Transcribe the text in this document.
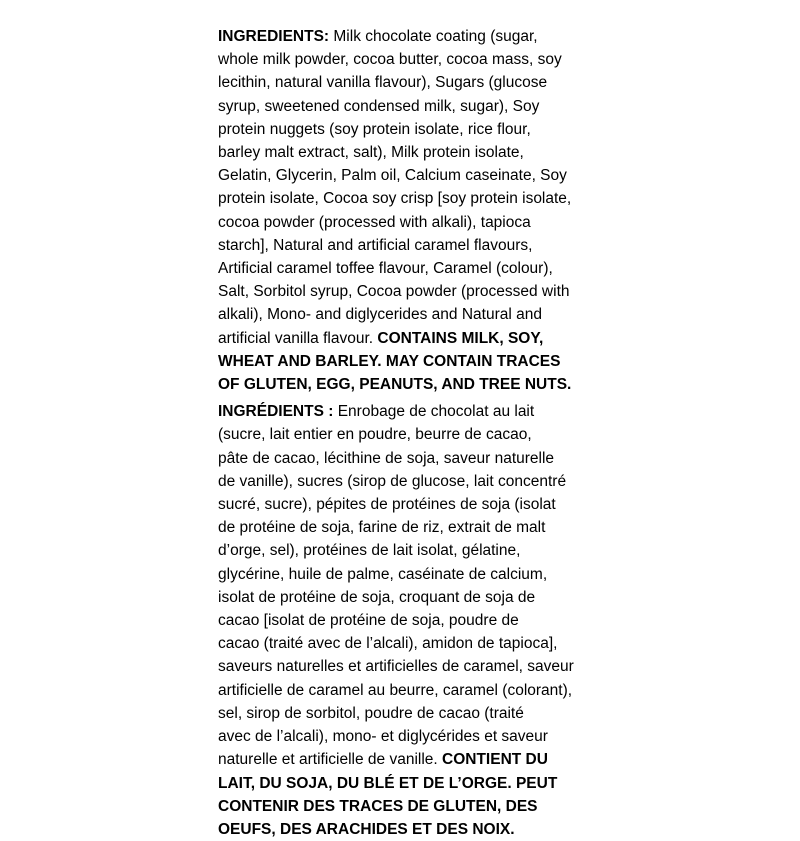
INGREDIENTS: Milk chocolate coating (sugar,
whole milk powder, cocoa butter, cocoa mass, soy
lecithin, natural vanilla flavour), Sugars (glucose
syrup, sweetened condensed milk, sugar), Soy
protein nuggets (soy protein isolate, rice flour,
barley malt extract, salt), Milk protein isolate,
Gelatin, Glycerin, Palm oil, Calcium caseinate, Soy
protein isolate, Cocoa soy crisp [soy protein isolate,
cocoa powder (processed with alkali), tapioca
starch], Natural and artificial caramel flavours,
Artificial caramel toffee flavour, Caramel (colour),
Salt, Sorbitol syrup, Cocoa powder (processed with
alkali), Mono- and diglycerides and Natural and
artificial vanilla flavour. CONTAINS MILK, SOY,
WHEAT AND BARLEY. MAY CONTAIN TRACES
OF GLUTEN, EGG, PEANUTS, AND TREE NUTS.
INGRÉDIENTS : Enrobage de chocolat au lait
(sucre, lait entier en poudre, beurre de cacao,
pâte de cacao, lécithine de soja, saveur naturelle
de vanille), sucres (sirop de glucose, lait concentré
sucré, sucre), pépites de protéines de soja (isolat
de protéine de soja, farine de riz, extrait de malt
d’orge, sel), protéines de lait isolat, gélatine,
glycérine, huile de palme, caséinate de calcium,
isolat de protéine de soja, croquant de soja de
cacao [isolat de protéine de soja, poudre de
cacao (traité avec de l’alcali), amidon de tapioca],
saveurs naturelles et artificielles de caramel, saveur
artificielle de caramel au beurre, caramel (colorant),
sel, sirop de sorbitol, poudre de cacao (traité
avec de l’alcali), mono- et diglycérides et saveur
naturelle et artificielle de vanille. CONTIENT DU
LAIT, DU SOJA, DU BLÉ ET DE L’ORGE. PEUT
CONTENIR DES TRACES DE GLUTEN, DES
OEUFS, DES ARACHIDES ET DES NOIX.
